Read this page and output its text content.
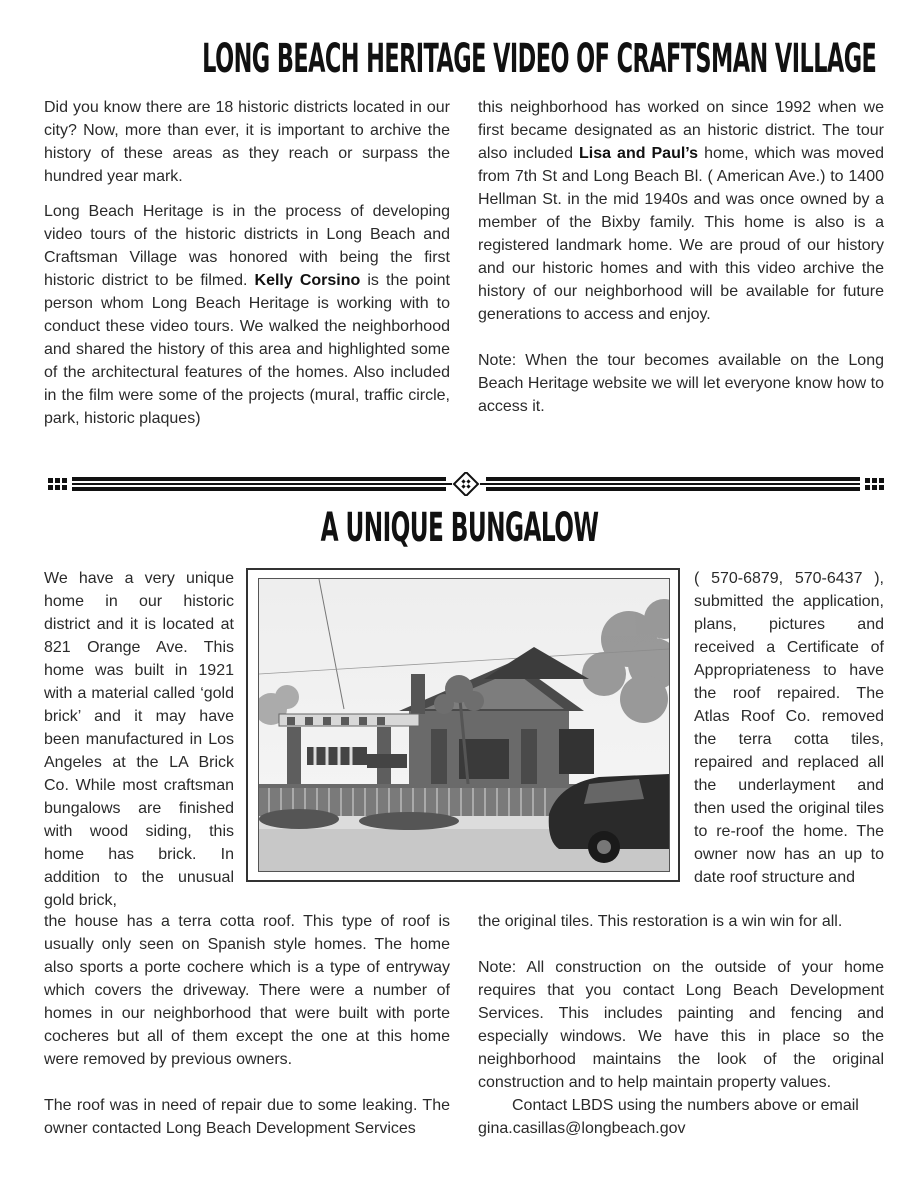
LONG BEACH HERITAGE VIDEO OF CRAFTSMAN VILLAGE

Did you know there are 18 historic districts located in our city? Now, more than ever, it is important to archive the history of these areas as they reach or surpass the hundred year mark.

Long Beach Heritage is in the process of developing video tours of the historic districts in Long Beach and Craftsman Village was honored with being the first historic district to be filmed. Kelly Corsino is the point person whom Long Beach Heritage is working with to conduct these video tours. We walked the neighborhood and shared the history of this area and highlighted some of the architectural features of the homes. Also included in the film were some of the projects (mural, traffic circle, park, historic plaques)

this neighborhood has worked on since 1992 when we first became designated as an historic district. The tour also included Lisa and Paul’s home, which was moved from 7th St and Long Beach Bl. ( American Ave.) to 1400 Hellman St. in the mid 1940s and was once owned by a member of the Bixby family. This home is also is a registered landmark home. We are proud of our history and our historic homes and with this video archive the history of our neighborhood will be available for future generations to access and enjoy.

Note: When the tour becomes available on the Long Beach Heritage website we will let everyone know how to access it.

A UNIQUE BUNGALOW
We have a very unique home in our historic district and it is located at 821 Orange Ave. This home was built in 1921 with a material called ‘gold brick’ and it may have been manufactured in Los Angeles at the LA Brick Co. While most craftsman bungalows are finished with wood siding, this home has brick. In addition to the unusual gold brick,
( 570-6879, 570-6437 ), submitted the application, plans, pictures and received a Certificate of Appropriateness to have the roof repaired. The Atlas Roof Co. removed the terra cotta tiles, repaired and replaced all the underlayment and then used the original tiles to re-roof the home. The owner now has an up to date roof structure and

the house has a terra cotta roof. This type of roof is usually only seen on Spanish style homes. The home also sports a porte cochere which is a type of entryway which covers the driveway. There were a number of homes in our neighborhood that were built with porte cocheres but all of them except the one at this home were removed by previous owners.

The roof was in need of repair due to some leaking. The owner contacted Long Beach Development Services

the original tiles. This restoration is a win win for all.

Note: All construction on the outside of your home requires that you contact Long Beach Development Services. This includes painting and fencing and especially windows. We have this in place so the neighborhood maintains the look of the original construction and to help maintain property values.

Contact LBDS using the numbers above or email gina.casillas@longbeach.gov
